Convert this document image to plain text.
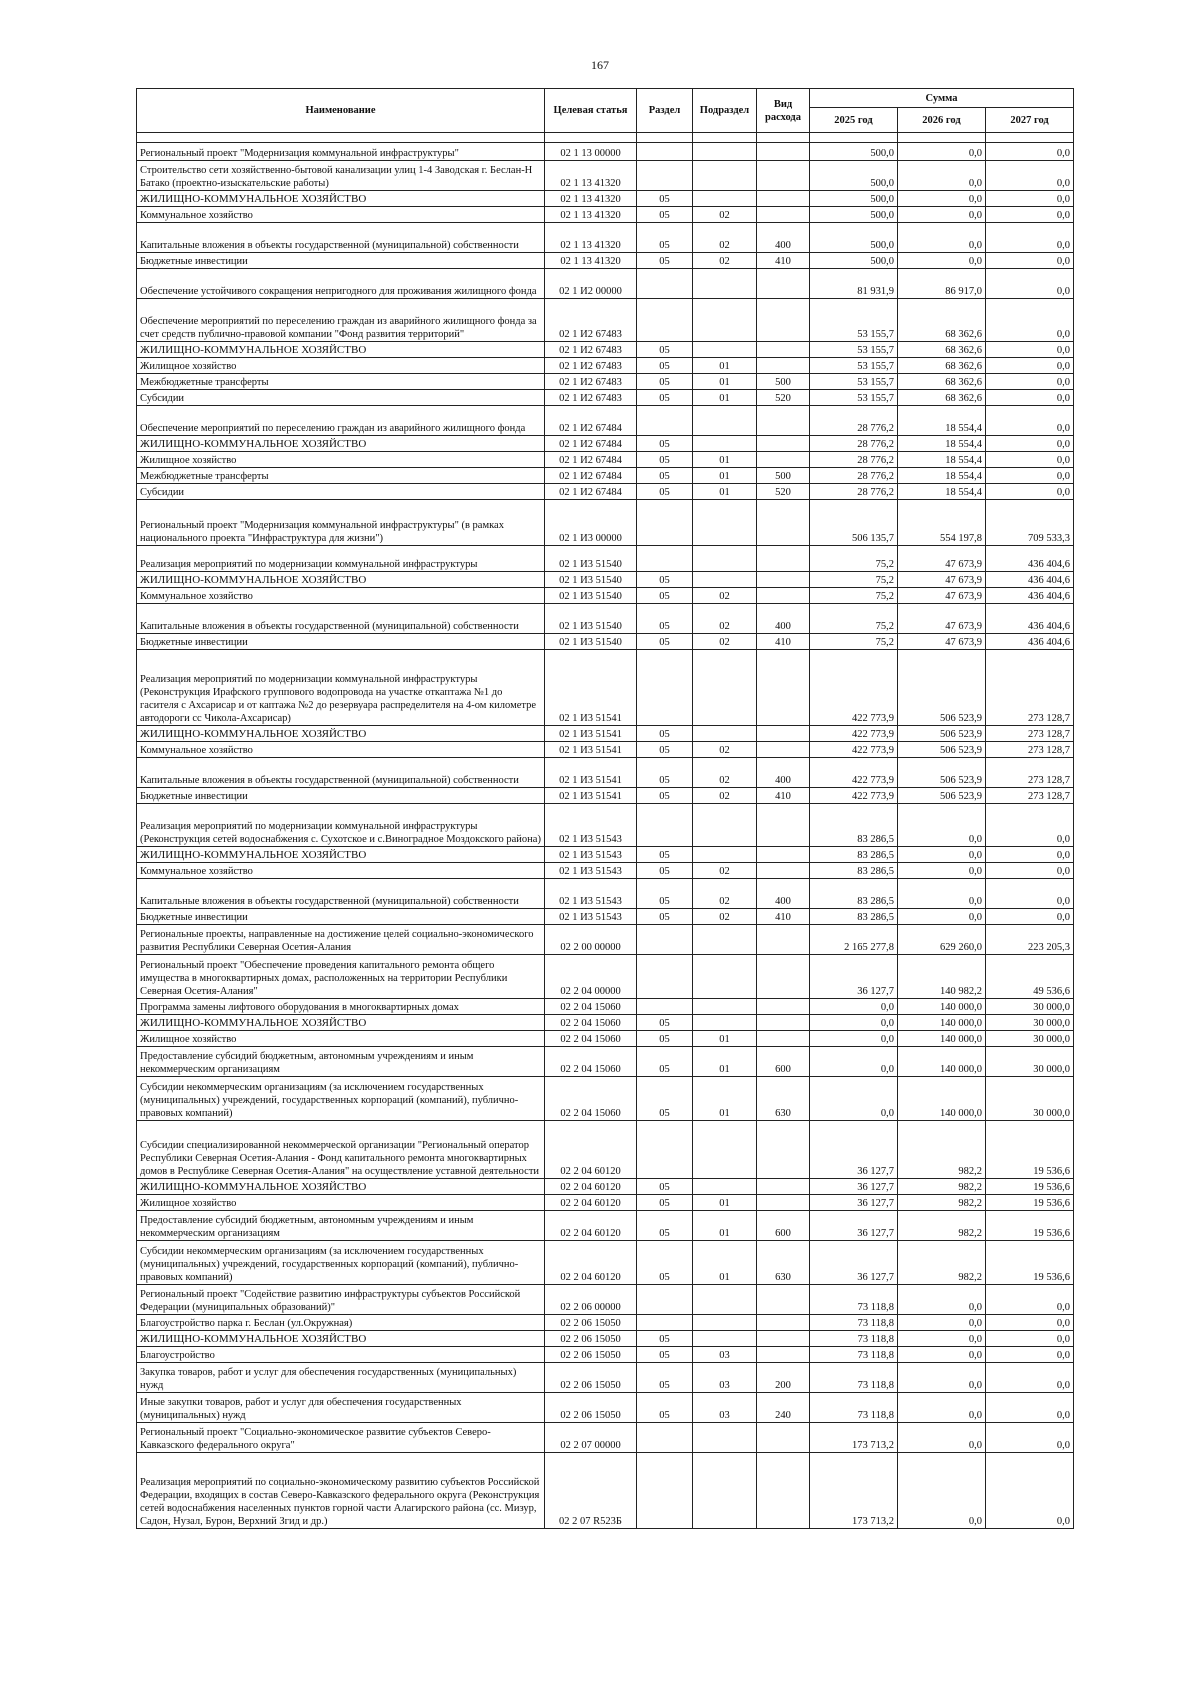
167
Наименование	Целевая статья	Раздел	Подраздел	Вид расхода	Сумма		
					2025 год	2026 год	2027 год

Региональный проект "Модернизация коммунальной инфраструктуры"	02 1 13 00000				500,0	0,0	0,0
Строительство сети хозяйственно-бытовой канализации улиц 1-4 Заводская г. Беслан-Н Батако (проектно-изыскательские работы)	02 1 13 41320				500,0	0,0	0,0
ЖИЛИЩНО-КОММУНАЛЬНОЕ ХОЗЯЙСТВО	02 1 13 41320	05			500,0	0,0	0,0
Коммунальное хозяйство	02 1 13 41320	05	02		500,0	0,0	0,0
Капитальные вложения в объекты государственной (муниципальной) собственности	02 1 13 41320	05	02	400	500,0	0,0	0,0
Бюджетные инвестиции	02 1 13 41320	05	02	410	500,0	0,0	0,0
Обеспечение устойчивого сокращения непригодного для проживания жилищного фонда	02 1 И2 00000				81 931,9	86 917,0	0,0
Обеспечение мероприятий по переселению граждан из аварийного жилищного фонда за счет средств публично-правовой компании "Фонд развития территорий"	02 1 И2 67483				53 155,7	68 362,6	0,0
ЖИЛИЩНО-КОММУНАЛЬНОЕ ХОЗЯЙСТВО	02 1 И2 67483	05			53 155,7	68 362,6	0,0
Жилищное хозяйство	02 1 И2 67483	05	01		53 155,7	68 362,6	0,0
Межбюджетные трансферты	02 1 И2 67483	05	01	500	53 155,7	68 362,6	0,0
Субсидии	02 1 И2 67483	05	01	520	53 155,7	68 362,6	0,0
Обеспечение мероприятий по переселению граждан из аварийного жилищного фонда	02 1 И2 67484				28 776,2	18 554,4	0,0
ЖИЛИЩНО-КОММУНАЛЬНОЕ ХОЗЯЙСТВО	02 1 И2 67484	05			28 776,2	18 554,4	0,0
Жилищное хозяйство	02 1 И2 67484	05	01		28 776,2	18 554,4	0,0
Межбюджетные трансферты	02 1 И2 67484	05	01	500	28 776,2	18 554,4	0,0
Субсидии	02 1 И2 67484	05	01	520	28 776,2	18 554,4	0,0
Региональный проект "Модернизация коммунальной инфраструктуры" (в рамках национального проекта "Инфраструктура для жизни")	02 1 И3 00000				506 135,7	554 197,8	709 533,3
Реализация мероприятий по модернизации коммунальной инфраструктуры	02 1 И3 51540				75,2	47 673,9	436 404,6
ЖИЛИЩНО-КОММУНАЛЬНОЕ ХОЗЯЙСТВО	02 1 И3 51540	05			75,2	47 673,9	436 404,6
Коммунальное хозяйство	02 1 И3 51540	05	02		75,2	47 673,9	436 404,6
Капитальные вложения в объекты государственной (муниципальной) собственности	02 1 И3 51540	05	02	400	75,2	47 673,9	436 404,6
Бюджетные инвестиции	02 1 И3 51540	05	02	410	75,2	47 673,9	436 404,6
Реализация мероприятий по модернизации коммунальной инфраструктуры (Реконструкция Ирафского группового водопровода на участке откаптажа №1 до гасителя с Ахсарисар и от каптажа №2 до резервуара распределителя на 4-ом километре автодороги сс Чикола-Ахсарисар)	02 1 И3 51541				422 773,9	506 523,9	273 128,7
ЖИЛИЩНО-КОММУНАЛЬНОЕ ХОЗЯЙСТВО	02 1 И3 51541	05			422 773,9	506 523,9	273 128,7
Коммунальное хозяйство	02 1 И3 51541	05	02		422 773,9	506 523,9	273 128,7
Капитальные вложения в объекты государственной (муниципальной) собственности	02 1 И3 51541	05	02	400	422 773,9	506 523,9	273 128,7
Бюджетные инвестиции	02 1 И3 51541	05	02	410	422 773,9	506 523,9	273 128,7
Реализация мероприятий по модернизации коммунальной инфраструктуры (Реконструкция сетей водоснабжения с. Сухотское и с.Виноградное Моздокского района)	02 1 И3 51543				83 286,5	0,0	0,0
ЖИЛИЩНО-КОММУНАЛЬНОЕ ХОЗЯЙСТВО	02 1 И3 51543	05			83 286,5	0,0	0,0
Коммунальное хозяйство	02 1 И3 51543	05	02		83 286,5	0,0	0,0
Капитальные вложения в объекты государственной (муниципальной) собственности	02 1 И3 51543	05	02	400	83 286,5	0,0	0,0
Бюджетные инвестиции	02 1 И3 51543	05	02	410	83 286,5	0,0	0,0
Региональные проекты, направленные на достижение целей социально-экономического развития Республики Северная Осетия-Алания	02 2 00 00000				2 165 277,8	629 260,0	223 205,3
Региональный проект "Обеспечение проведения капитального ремонта общего имущества в многоквартирных домах, расположенных на территории Республики Северная Осетия-Алания"	02 2 04 00000				36 127,7	140 982,2	49 536,6
Программа замены лифтового оборудования в многоквартирных домах	02 2 04 15060				0,0	140 000,0	30 000,0
ЖИЛИЩНО-КОММУНАЛЬНОЕ ХОЗЯЙСТВО	02 2 04 15060	05			0,0	140 000,0	30 000,0
Жилищное хозяйство	02 2 04 15060	05	01		0,0	140 000,0	30 000,0
Предоставление субсидий бюджетным, автономным учреждениям и иным некоммерческим организациям	02 2 04 15060	05	01	600	0,0	140 000,0	30 000,0
Субсидии некоммерческим организациям (за исключением государственных (муниципальных) учреждений, государственных корпораций (компаний), публично-правовых компаний)	02 2 04 15060	05	01	630	0,0	140 000,0	30 000,0
Субсидии специализированной некоммерческой организации "Региональный оператор Республики Северная Осетия-Алания - Фонд капитального ремонта многоквартирных домов в Республике Северная Осетия-Алания" на осуществление уставной деятельности	02 2 04 60120				36 127,7	982,2	19 536,6
ЖИЛИЩНО-КОММУНАЛЬНОЕ ХОЗЯЙСТВО	02 2 04 60120	05			36 127,7	982,2	19 536,6
Жилищное хозяйство	02 2 04 60120	05	01		36 127,7	982,2	19 536,6
Предоставление субсидий бюджетным, автономным учреждениям и иным некоммерческим организациям	02 2 04 60120	05	01	600	36 127,7	982,2	19 536,6
Субсидии некоммерческим организациям (за исключением государственных (муниципальных) учреждений, государственных корпораций (компаний), публично-правовых компаний)	02 2 04 60120	05	01	630	36 127,7	982,2	19 536,6
Региональный проект "Содействие развитию инфраструктуры субъектов Российской Федерации (муниципальных образований)"	02 2 06 00000				73 118,8	0,0	0,0
Благоустройство парка г. Беслан (ул.Окружная)	02 2 06 15050				73 118,8	0,0	0,0
ЖИЛИЩНО-КОММУНАЛЬНОЕ ХОЗЯЙСТВО	02 2 06 15050	05			73 118,8	0,0	0,0
Благоустройство	02 2 06 15050	05	03		73 118,8	0,0	0,0
Закупка товаров, работ и услуг для обеспечения государственных (муниципальных) нужд	02 2 06 15050	05	03	200	73 118,8	0,0	0,0
Иные закупки товаров, работ и услуг для обеспечения государственных (муниципальных) нужд	02 2 06 15050	05	03	240	73 118,8	0,0	0,0
Региональный проект "Социально-экономическое развитие субъектов Северо-Кавказского федерального округа"	02 2 07 00000				173 713,2	0,0	0,0
Реализация мероприятий по социально-экономическому развитию субъектов Российской Федерации, входящих в состав Северо-Кавказского федерального округа (Реконструкция сетей водоснабжения населенных пунктов горной части Алагирского района (сс. Мизур, Садон, Нузал, Бурон, Верхний Згид и др.)	02 2 07 R523Б				173 713,2	0,0	0,0
